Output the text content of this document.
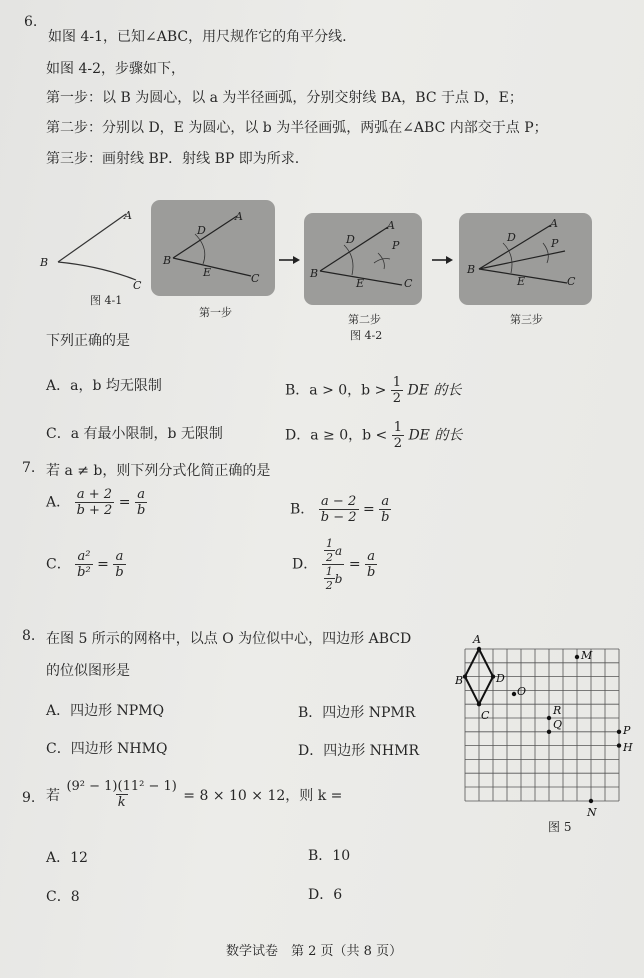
6.
如图 4-1，已知∠ABC，用尺规作它的角平分线.
如图 4-2，步骤如下，
第一步：以 B 为圆心，以 a 为半径画弧，分别交射线 BA，BC 于点 D，E；
第二步：分别以 D，E 为圆心，以 b 为半径画弧，两弧在∠ABC 内部交于点 P；
第三步：画射线 BP．射线 BP 即为所求.
A
B
C
图 4-1
A
D
B
E	C
第一步
A
D	P
B
E	C
第二步
图 4-2
A
D	P
B
E	C
第三步
下列正确的是
A．a，b 均无限制	B．a > 0，$b > \frac{1}{2}$ DE 的长
C．a 有最小限制，b 无限制	D．a ≥ 0，$b < \frac{1}{2}$ DE 的长
7. 若 a ≠ b，则下列分式化简正确的是
A． $\frac{a + 2}{b + 2} = \frac{a}{b}$	B． $\frac{a - 2}{b - 2} = \frac{a}{b}$
C． $\frac{\text{a²}}{\text{b²}} = \frac{a}{b}$	D． $\frac{\frac{1}{2} a}{\frac{1}{2} b} = \frac{a}{b}$
8. 在图 5 所示的网格中，以点 O 为位似中心，四边形 ABCD
的位似图形是
A．四边形 NPMQ	B．四边形 NPMR
C．四边形 NHMQ	D．四边形 NHMR
A
B
C
D
O
M
R
Q	P
H
N
图 5
9. 若
$\frac{\text{(9² − 1)(11² − 1)}}{k}$
= 8 × 10 × 12，则 k =
A．12	B．10
C．8	D．6
数学试卷　第 2 页（共 8 页）
